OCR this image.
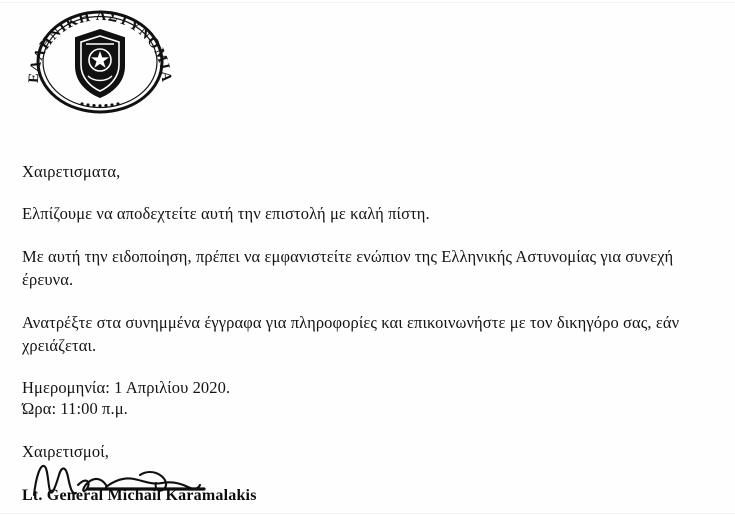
ΕΛΛΗΝΙΚΗ ΑΣΤΥΝΟΜΙΑ

Χαιρετισματα,

Ελπίζουμε να αποδεχτείτε αυτή την επιστολή με καλή πίστη.

Με αυτή την ειδοποίηση, πρέπει να εμφανιστείτε ενώπιον της Ελληνικής Αστυνομίας για συνεχή έρευνα.

Ανατρέξτε στα συνημμένα έγγραφα για πληροφορίες και επικοινωνήστε με τον δικηγόρο σας, εάν χρειάζεται.

Ημερομηνία: 1 Απριλίου 2020.
Ώρα: 11:00 π.μ.

Χαιρετισμοί,

Lt. General Michail Karamalakis
